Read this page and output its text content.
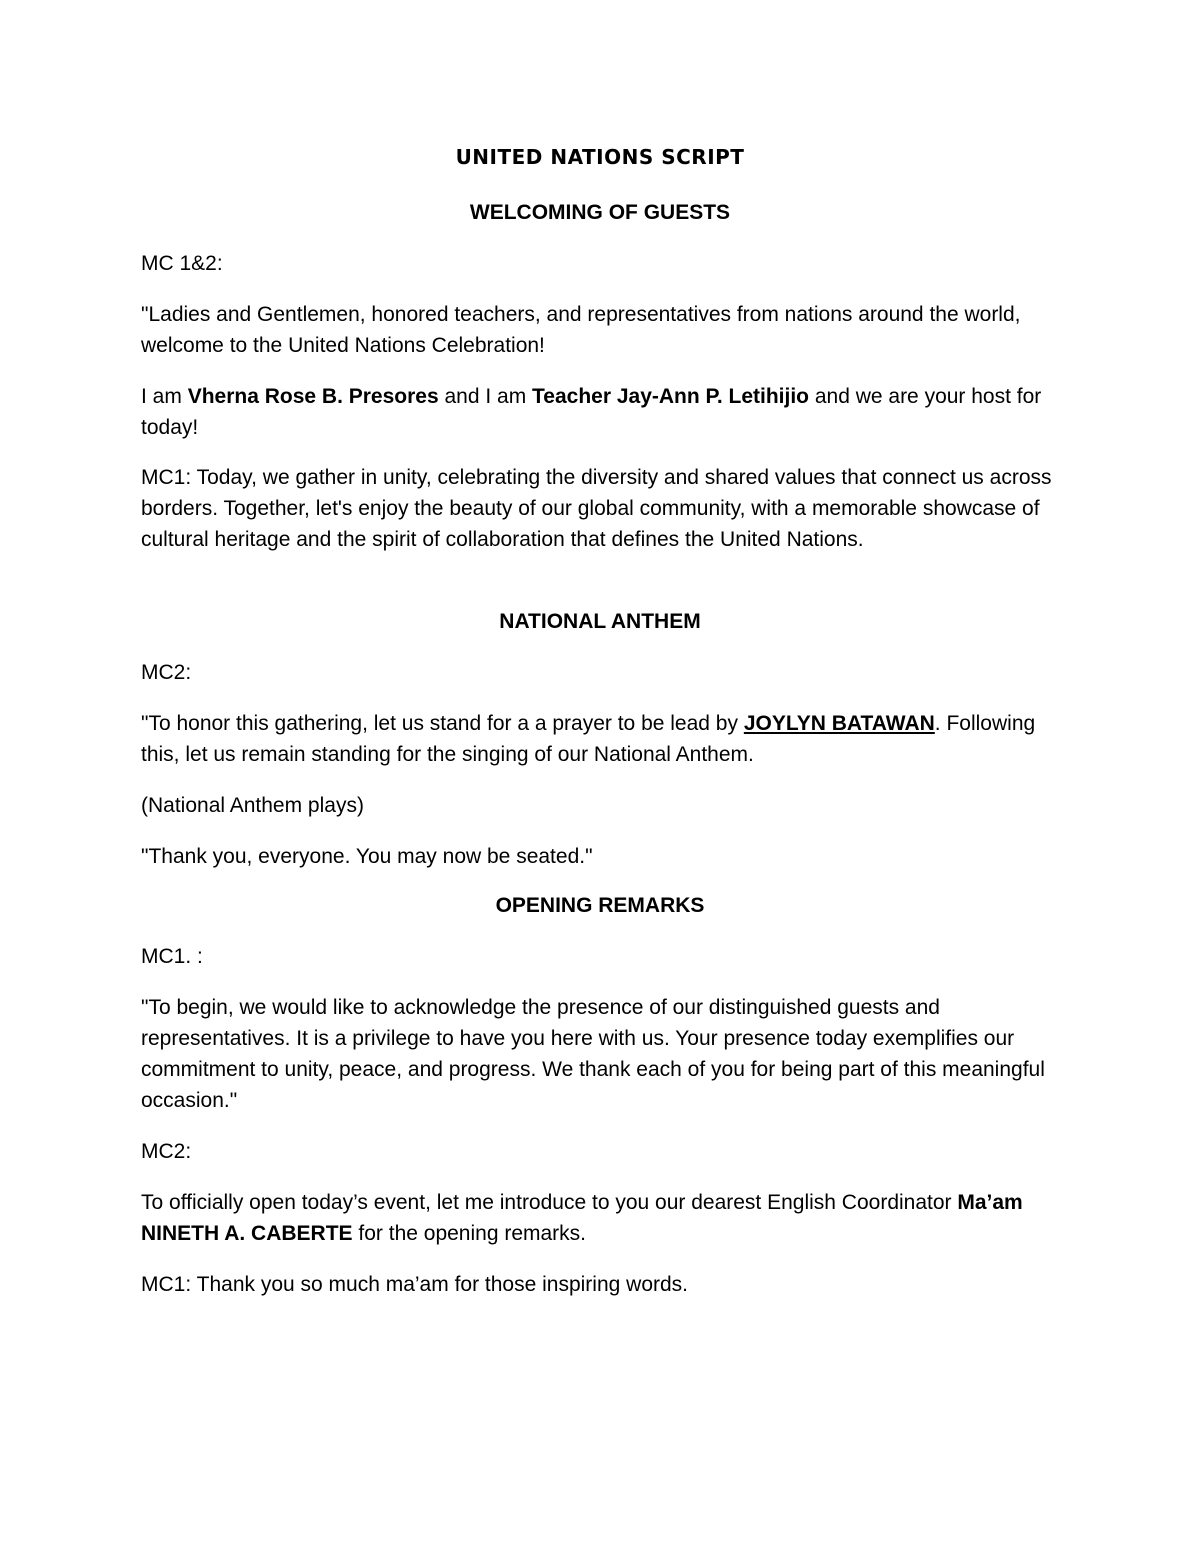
UNITED NATIONS SCRIPT
WELCOMING OF GUESTS

MC 1&2:

"Ladies and Gentlemen, honored teachers, and representatives from nations around the world, welcome to the United Nations Celebration!

I am Vherna Rose B. Presores and I am Teacher Jay-Ann P. Letihijio and we are your host for today!

MC1: Today, we gather in unity, celebrating the diversity and shared values that connect us across borders. Together, let's enjoy the beauty of our global community, with a memorable showcase of cultural heritage and the spirit of collaboration that defines the United Nations.

NATIONAL ANTHEM

MC2:

"To honor this gathering, let us stand for a a prayer to be lead by JOYLYN BATAWAN. Following this, let us remain standing for the singing of our National Anthem.

(National Anthem plays)

"Thank you, everyone. You may now be seated."

OPENING REMARKS

MC1. :

"To begin, we would like to acknowledge the presence of our distinguished guests and representatives. It is a privilege to have you here with us. Your presence today exemplifies our commitment to unity, peace, and progress. We thank each of you for being part of this meaningful occasion."

MC2:

To officially open today’s event, let me introduce to you our dearest English Coordinator Ma’am NINETH A. CABERTE for the opening remarks.

MC1: Thank you so much ma’am for those inspiring words.
